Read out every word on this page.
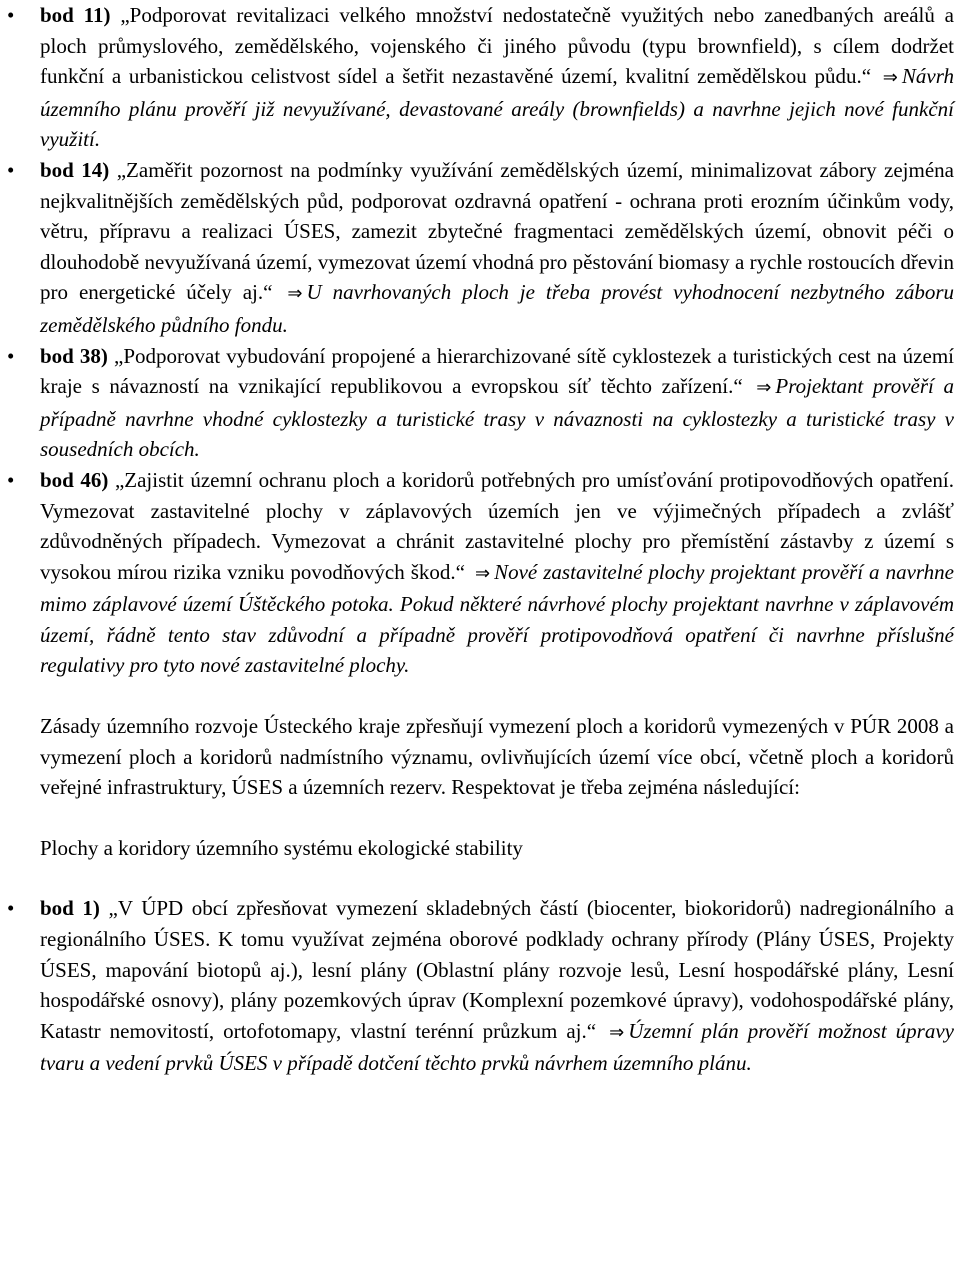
• bod 11) „Podporovat revitalizaci velkého množství nedostatečně využitých nebo zanedbaných areálů a ploch průmyslového, zemědělského, vojenského či jiného původu (typu brownfield), s cílem dodržet funkční a urbanistickou celistvost sídel a šetřit nezastavěné území, kvalitní zemědělskou půdu.“ ⇒ Návrh územního plánu prověří již nevyužívané, devastované areály (brownfields) a navrhne jejich nové funkční využití.
• bod 14) „Zaměřit pozornost na podmínky využívání zemědělských území, minimalizovat zábory zejména nejkvalitnějších zemědělských půd, podporovat ozdravná opatření - ochrana proti erozním účinkům vody, větru, přípravu a realizaci ÚSES, zamezit zbytečné fragmentaci zemědělských území, obnovit péči o dlouhodobě nevyužívaná území, vymezovat území vhodná pro pěstování biomasy a rychle rostoucích dřevin pro energetické účely aj.“ ⇒ U navrhovaných ploch je třeba provést vyhodnocení nezbytného záboru zemědělského půdního fondu.
• bod 38) „Podporovat vybudování propojené a hierarchizované sítě cyklostezek a turistických cest na území kraje s návazností na vznikající republikovou a evropskou síť těchto zařízení.“ ⇒ Projektant prověří a případně navrhne vhodné cyklostezky a turistické trasy v návaznosti na cyklostezky a turistické trasy v sousedních obcích.
• bod 46) „Zajistit územní ochranu ploch a koridorů potřebných pro umísťování protipovodňových opatření. Vymezovat zastavitelné plochy v záplavových územích jen ve výjimečných případech a zvlášť zdůvodněných případech. Vymezovat a chránit zastavitelné plochy pro přemístění zástavby z území s vysokou mírou rizika vzniku povodňových škod.“ ⇒ Nové zastavitelné plochy projektant prověří a navrhne mimo záplavové území Úštěckého potoka. Pokud některé návrhové plochy projektant navrhne v záplavovém území, řádně tento stav zdůvodní a případně prověří protipovodňová opatření či navrhne příslušné regulativy pro tyto nové zastavitelné plochy.
Zásady územního rozvoje Ústeckého kraje zpřesňují vymezení ploch a koridorů vymezených v PÚR 2008 a vymezení ploch a koridorů nadmístního významu, ovlivňujících území více obcí, včetně ploch a koridorů veřejné infrastruktury, ÚSES a územních rezerv. Respektovat je třeba zejména následující:
Plochy a koridory územního systému ekologické stability
• bod 1) „V ÚPD obcí zpřesňovat vymezení skladebných částí (biocenter, biokoridorů) nadregionálního a regionálního ÚSES. K tomu využívat zejména oborové podklady ochrany přírody (Plány ÚSES, Projekty ÚSES, mapování biotopů aj.), lesní plány (Oblastní plány rozvoje lesů, Lesní hospodářské plány, Lesní hospodářské osnovy), plány pozemkových úprav (Komplexní pozemkové úpravy), vodohospodářské plány, Katastr nemovitostí, ortofotomapy, vlastní terénní průzkum aj.“ ⇒ Územní plán prověří možnost úpravy tvaru a vedení prvků ÚSES v případě dotčení těchto prvků návrhem územního plánu.
